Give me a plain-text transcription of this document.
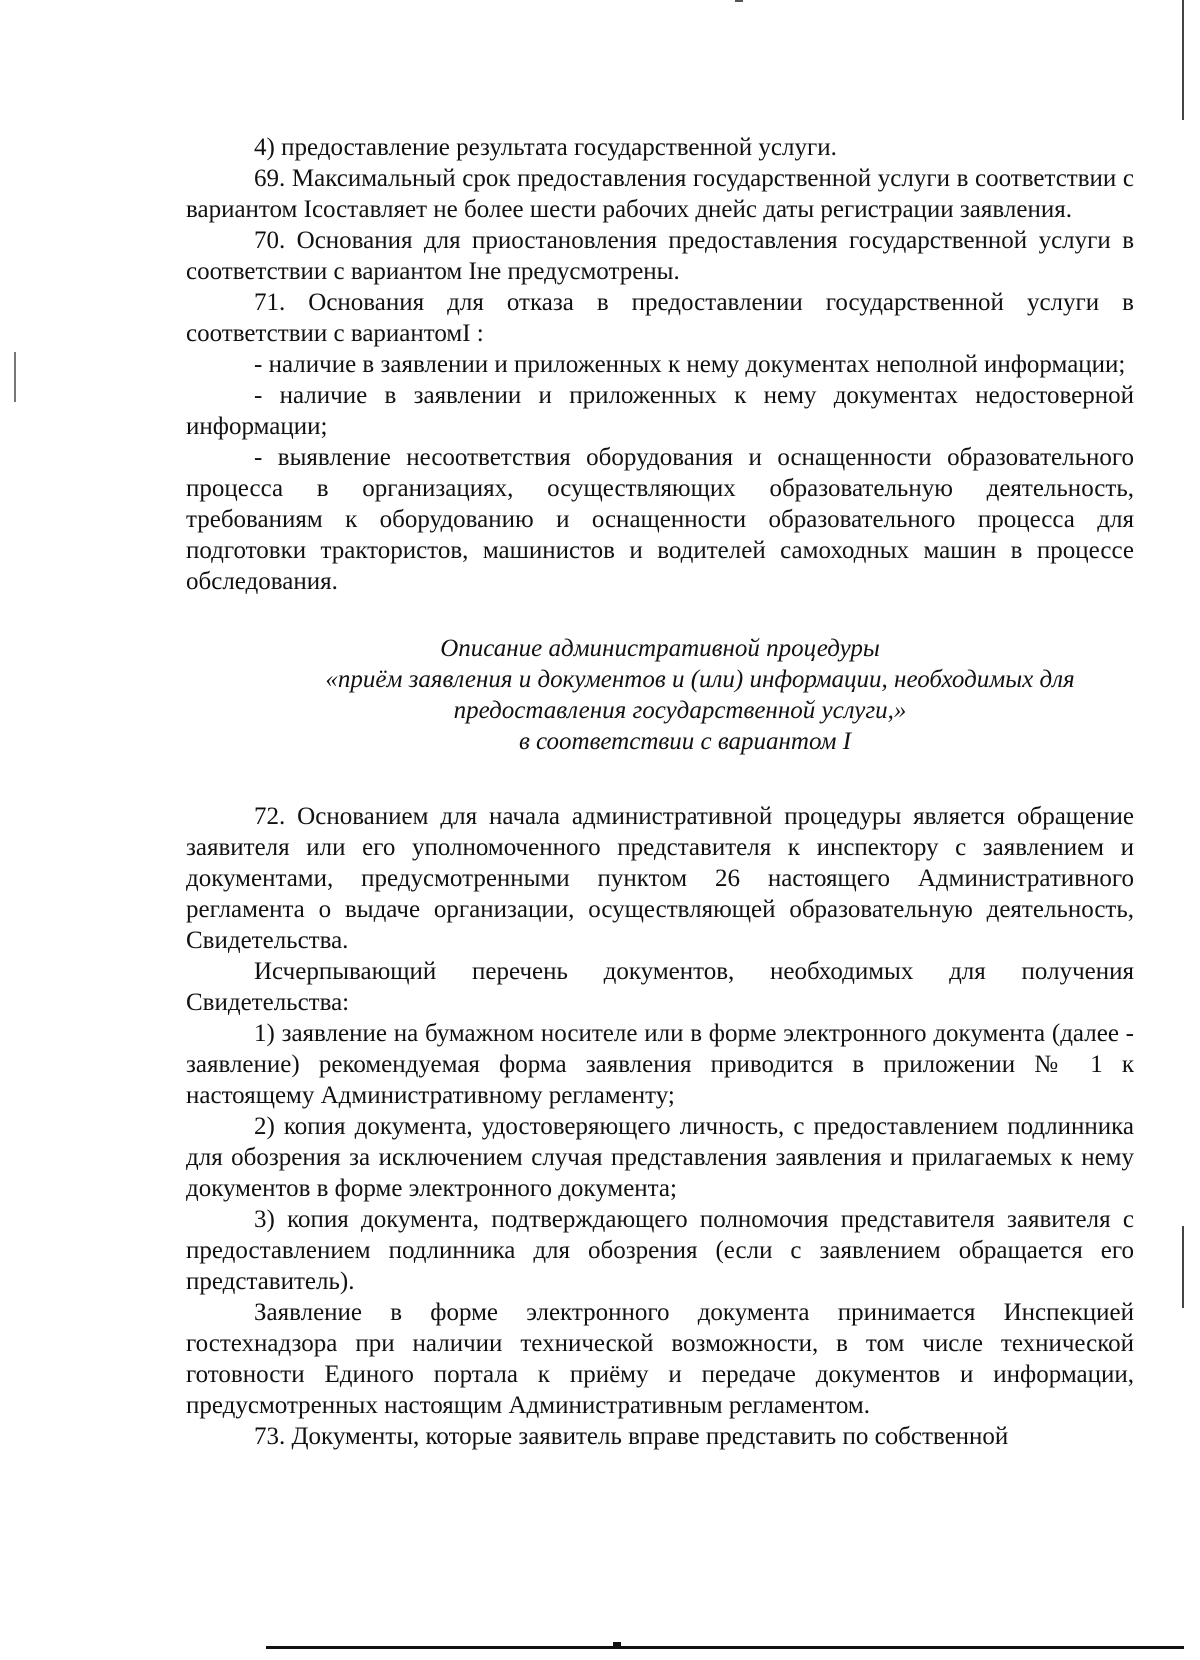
4) предоставление результата государственной услуги.

69. Максимальный срок предоставления государственной услуги в соответствии с вариантом Iсоставляет не более шести рабочих днейс даты регистрации заявления.

70. Основания для приостановления предоставления государственной услуги в соответствии с вариантом Iне предусмотрены.

71. Основания для отказа в предоставлении государственной услуги в соответствии с вариантомI :

- наличие в заявлении и приложенных к нему документах неполной информации;

- наличие в заявлении и приложенных к нему документах недостоверной информации;

- выявление несоответствия оборудования и оснащенности образовательного процесса в организациях, осуществляющих образовательную деятельность, требованиям к оборудованию и оснащенности образовательного процесса для подготовки трактористов, машинистов и водителей самоходных машин в процессе обследования.

Описание административной процедуры
«приём заявления и документов и (или) информации, необходимых для
предоставления государственной услуги,»
в соответствии с вариантом I

72. Основанием для начала административной процедуры является обращение заявителя или его уполномоченного представителя к инспектору с заявлением и документами, предусмотренными пунктом 26 настоящего Административного регламента о выдаче организации, осуществляющей образовательную деятельность, Свидетельства.

Исчерпывающий перечень документов, необходимых для получения Свидетельства:

1) заявление на бумажном носителе или в форме электронного документа (далее - заявление) рекомендуемая форма заявления приводится в приложении № 1 к настоящему Административному регламенту;

2) копия документа, удостоверяющего личность, с предоставлением подлинника для обозрения за исключением случая представления заявления и прилагаемых к нему документов в форме электронного документа;

3) копия документа, подтверждающего полномочия представителя заявителя с предоставлением подлинника для обозрения (если с заявлением обращается его представитель).

Заявление в форме электронного документа принимается Инспекцией гостехнадзора при наличии технической возможности, в том числе технической готовности Единого портала к приёму и передаче документов и информации, предусмотренных настоящим Административным регламентом.

73. Документы, которые заявитель вправе представить по собственной
